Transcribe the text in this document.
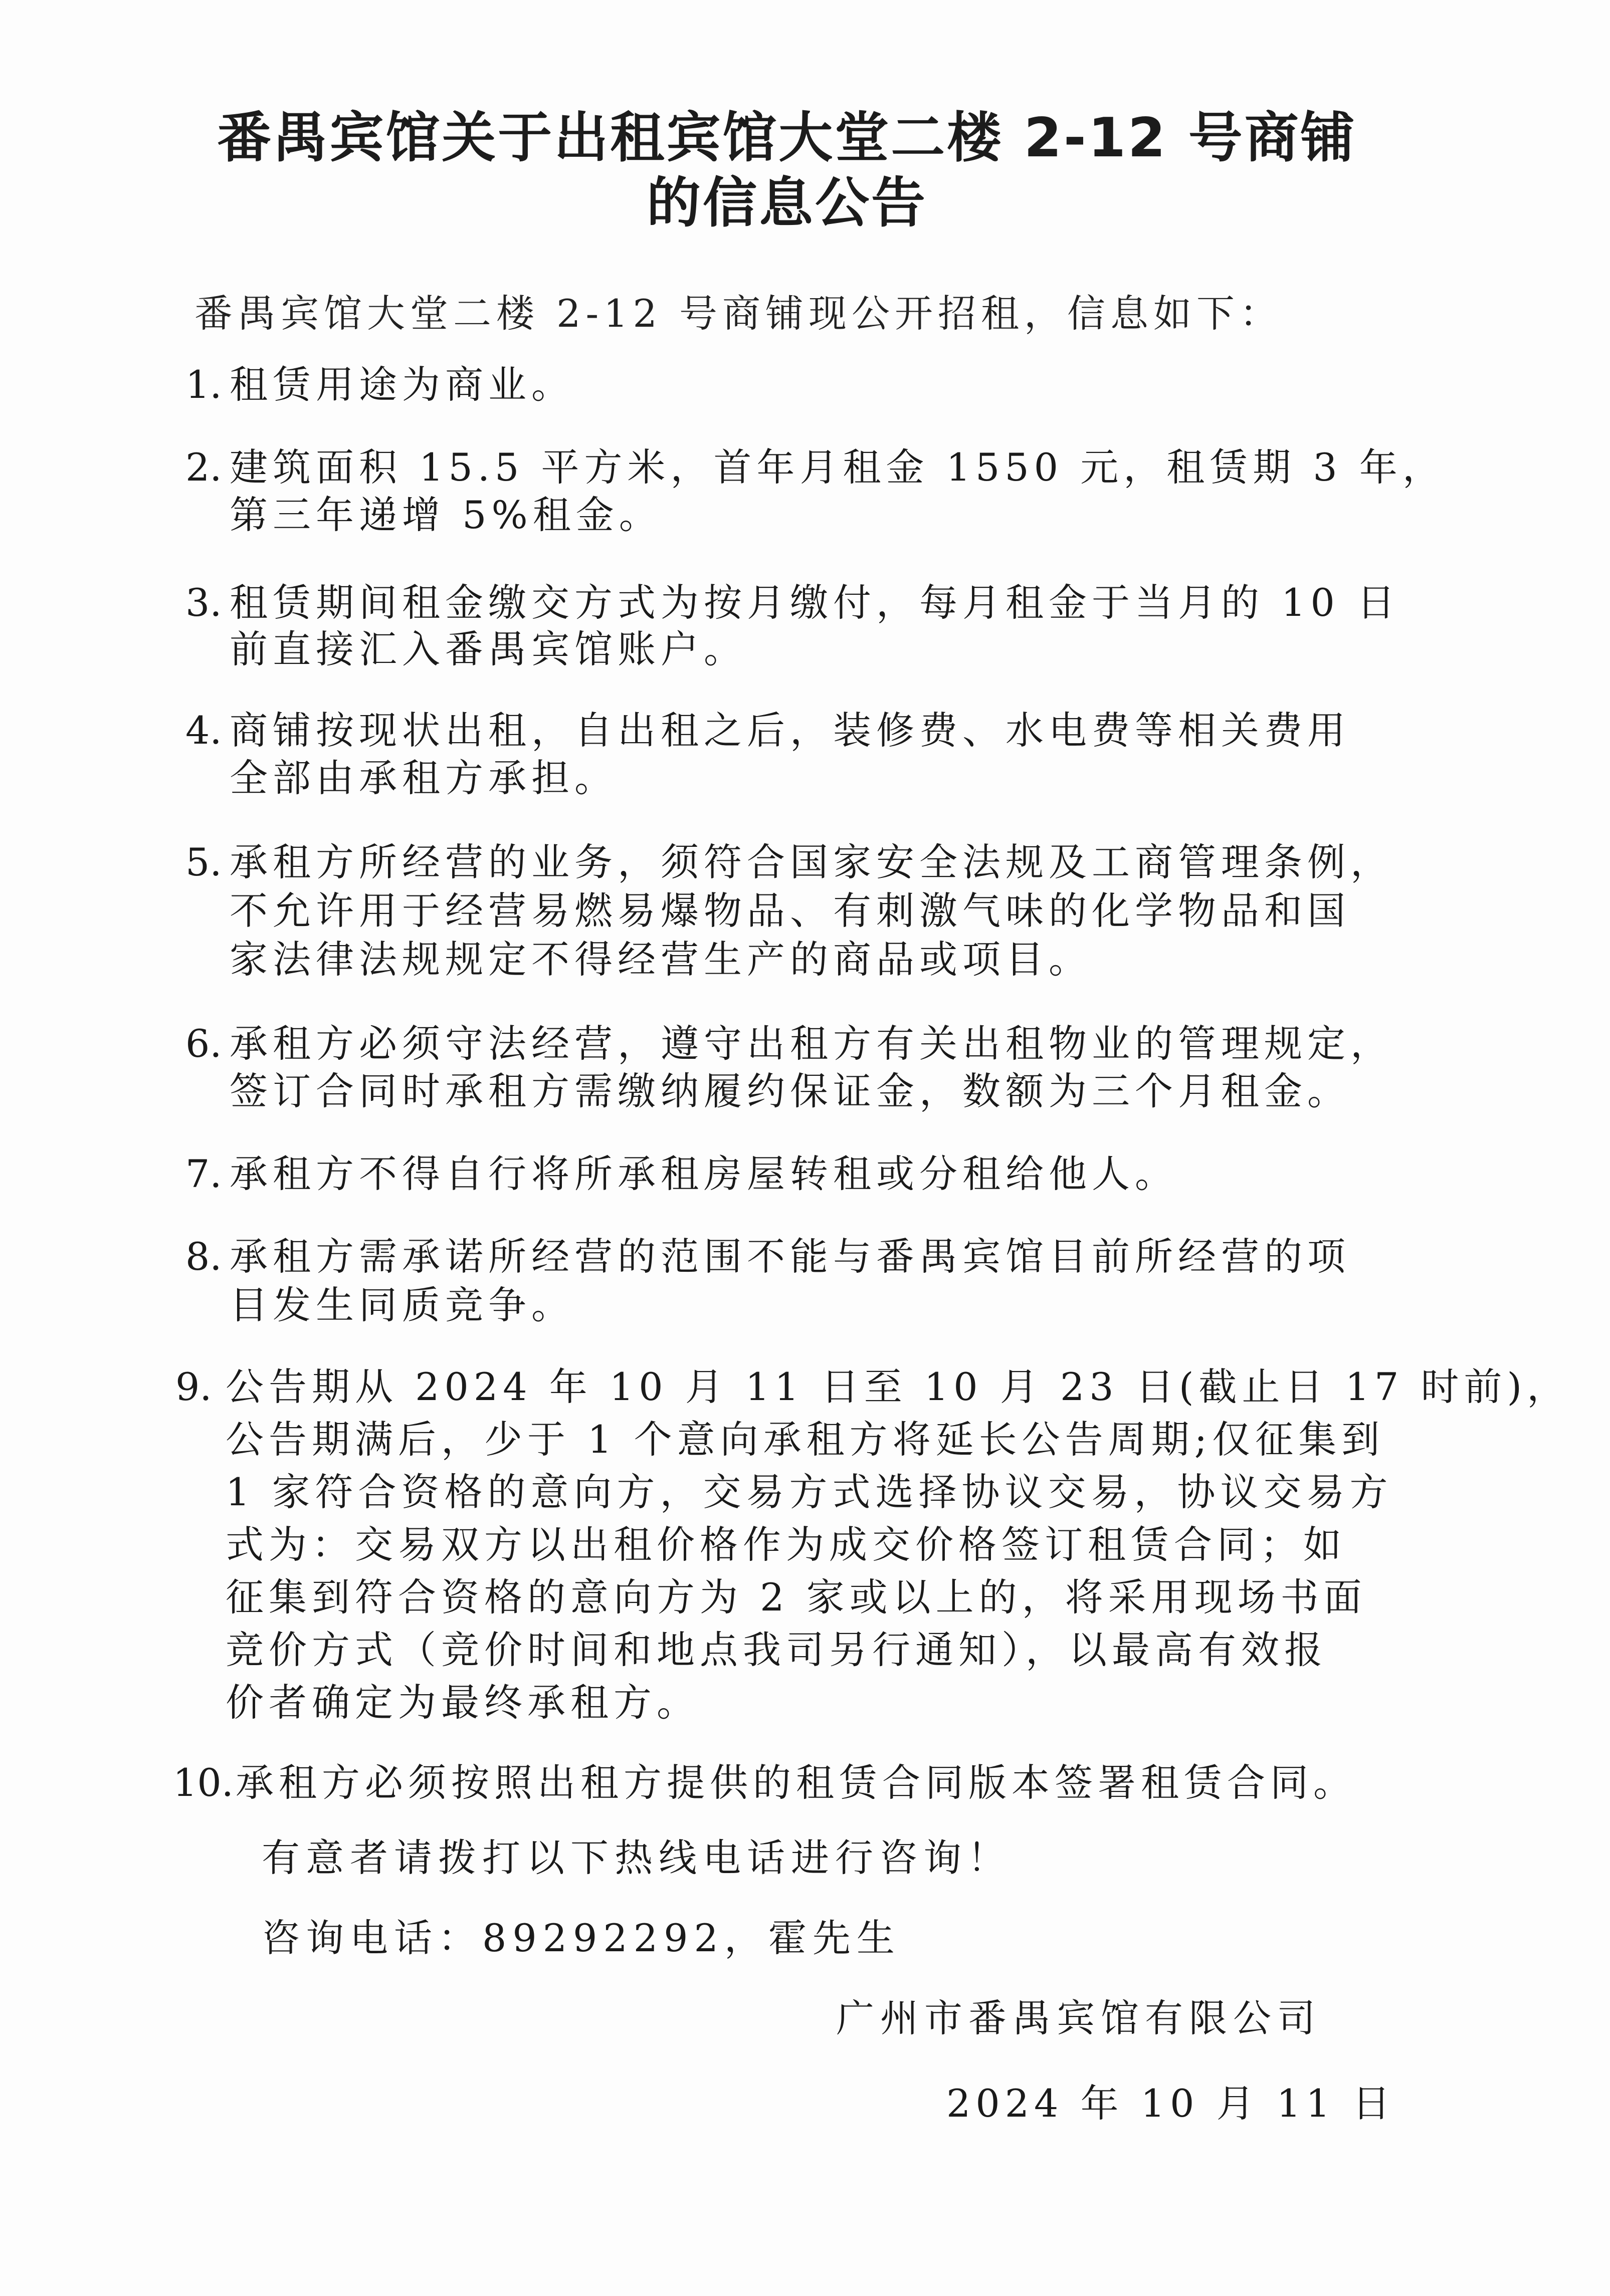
番禺宾馆关于出租宾馆大堂二楼 2-12 号商铺
的信息公告
番禺宾馆大堂二楼 2-12 号商铺现公开招租，信息如下：
1. 租赁用途为商业。
2. 建筑面积 15.5 平方米，首年月租金 1550 元，租赁期 3 年，
第三年递增 5%租金。
3. 租赁期间租金缴交方式为按月缴付，每月租金于当月的 10 日
前直接汇入番禺宾馆账户。
4. 商铺按现状出租，自出租之后，装修费、水电费等相关费用
全部由承租方承担。
5. 承租方所经营的业务，须符合国家安全法规及工商管理条例，
不允许用于经营易燃易爆物品、有刺激气味的化学物品和国
家法律法规规定不得经营生产的商品或项目。
6. 承租方必须守法经营，遵守出租方有关出租物业的管理规定，
签订合同时承租方需缴纳履约保证金，数额为三个月租金。
7. 承租方不得自行将所承租房屋转租或分租给他人。
8. 承租方需承诺所经营的范围不能与番禺宾馆目前所经营的项
目发生同质竞争。
9. 公告期从 2024 年 10 月 11 日至 10 月 23 日(截止日 17 时前)，
公告期满后，少于 1 个意向承租方将延长公告周期;仅征集到
1 家符合资格的意向方，交易方式选择协议交易，协议交易方
式为：交易双方以出租价格作为成交价格签订租赁合同；如
征集到符合资格的意向方为 2 家或以上的，将采用现场书面
竞价方式（竞价时间和地点我司另行通知），以最高有效报
价者确定为最终承租方。
10. 承租方必须按照出租方提供的租赁合同版本签署租赁合同。
有意者请拨打以下热线电话进行咨询！
咨询电话：89292292，霍先生
广州市番禺宾馆有限公司
2024 年 10 月 11 日
